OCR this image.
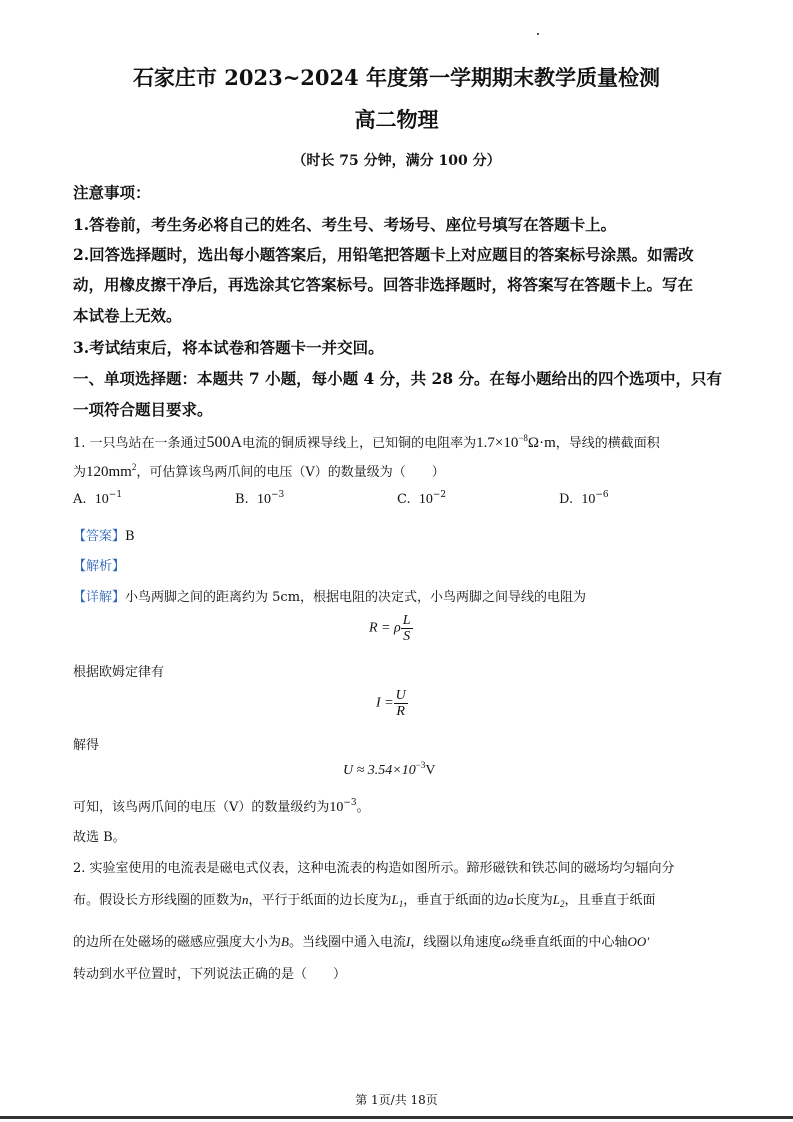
石家庄市 2023~2024 年度第一学期期末教学质量检测
高二物理
（时长 75 分钟，满分 100 分）
注意事项：
1.答卷前，考生务必将自己的姓名、考生号、考场号、座位号填写在答题卡上。
2.回答选择题时，选出每小题答案后，用铅笔把答题卡上对应题目的答案标号涂黑。如需改
动，用橡皮擦干净后，再选涂其它答案标号。回答非选择题时，将答案写在答题卡上。写在
本试卷上无效。
3.考试结束后，将本试卷和答题卡一并交回。
一、单项选择题：本题共 7 小题，每小题 4 分，共 28 分。在每小题给出的四个选项中，只有
一项符合题目要求。
1. 一只鸟站在一条通过500A电流的铜质裸导线上，已知铜的电阻率为$1.7\times 10^{-8}\Omega\cdot m$，导线的横截面积
为$120mm^2$，可估算该鸟两爪间的电压（V）的数量级为（　　）
A. $10^{-1}$	B. $10^{-3}$	C. $10^{-2}$	D. $10^{-6}$
【答案】B
【解析】
【详解】小鸟两脚之间的距离约为 5cm，根据电阻的决定式，小鸟两脚之间导线的电阻为
R = ρ $\frac{L}{S}$
根据欧姆定律有
$I = \frac{U}{R}$
解得
$U \approx 3.54\times 10^{-3}V$
可知，该鸟两爪间的电压（V）的数量级约为$10^{-3}$。
故选 B。
2. 实验室使用的电流表是磁电式仪表，这种电流表的构造如图所示。蹄形磁铁和铁芯间的磁场均匀辐向分
布。假设长方形线圈的匝数为n，平行于纸面的边长度为$L_1$，垂直于纸面的边a长度为$L_2$，且垂直于纸面
的边所在处磁场的磁感应强度大小为B。当线圈中通入电流I，线圈以角速度ω绕垂直纸面的中心轴OO′
转动到水平位置时，下列说法正确的是（　　）
第 1页/共 18页
